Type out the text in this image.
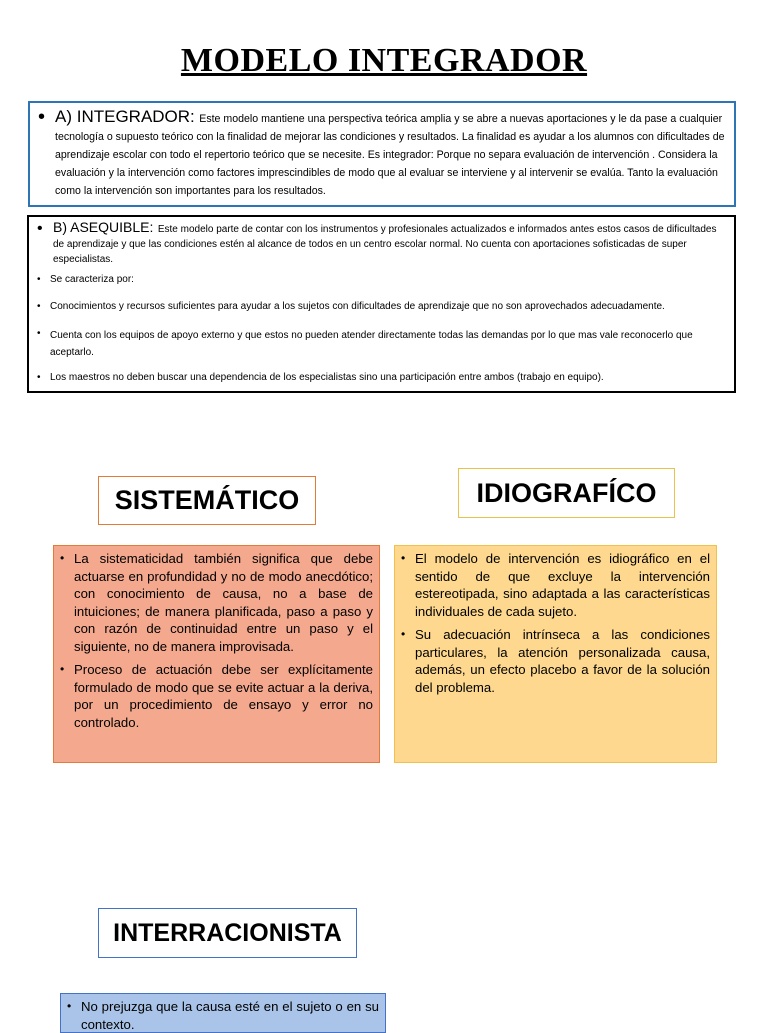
MODELO INTEGRADOR
• A) INTEGRADOR: Este modelo mantiene una perspectiva teórica amplia y se abre a nuevas aportaciones y le da pase a cualquier tecnología o supuesto teórico con la finalidad de mejorar las condiciones y resultados. La finalidad es ayudar a los alumnos con dificultades de aprendizaje escolar con todo el repertorio teórico que se necesite. Es integrador: Porque no separa evaluación de intervención . Considera la evaluación y la intervención como factores imprescindibles de modo que al evaluar se interviene y al intervenir se evalúa. Tanto la evaluación como la intervención son importantes para los resultados.
• B) ASEQUIBLE: Este modelo parte de contar con los instrumentos y profesionales actualizados e informados antes estos casos de dificultades de aprendizaje y que las condiciones estén al alcance de todos en un centro escolar normal. No cuenta con aportaciones sofisticadas de super especialistas.
• Se caracteriza por:
• Conocimientos y recursos suficientes para ayudar a los sujetos con dificultades de aprendizaje que no son aprovechados adecuadamente.
• Cuenta con los equipos de apoyo externo y que estos no pueden atender directamente todas las demandas por lo que mas vale reconocerlo que aceptarlo.
• Los maestros no deben buscar una dependencia de los especialistas sino una participación entre ambos (trabajo en equipo).
SISTEMÁTICO	IDIOGRAFÍCO
• La sistematicidad también significa que debe actuarse en profundidad y no de modo anecdótico; con conocimiento de causa, no a base de intuiciones; de manera planificada, paso a paso y con razón de continuidad entre un paso y el siguiente, no de manera improvisada.
• Proceso de actuación debe ser explícitamente formulado de modo que se evite actuar a la deriva, por un procedimiento de ensayo y error no controlado.
• El modelo de intervención es idiográfico en el sentido de que excluye la intervención estereotipada, sino adaptada a las características individuales de cada sujeto.
• Su adecuación intrínseca a las condiciones particulares, la atención personalizada causa, además, un efecto placebo a favor de la solución del problema.
INTERRACIONISTA
• No prejuzga que la causa esté en el sujeto o en su contexto.
